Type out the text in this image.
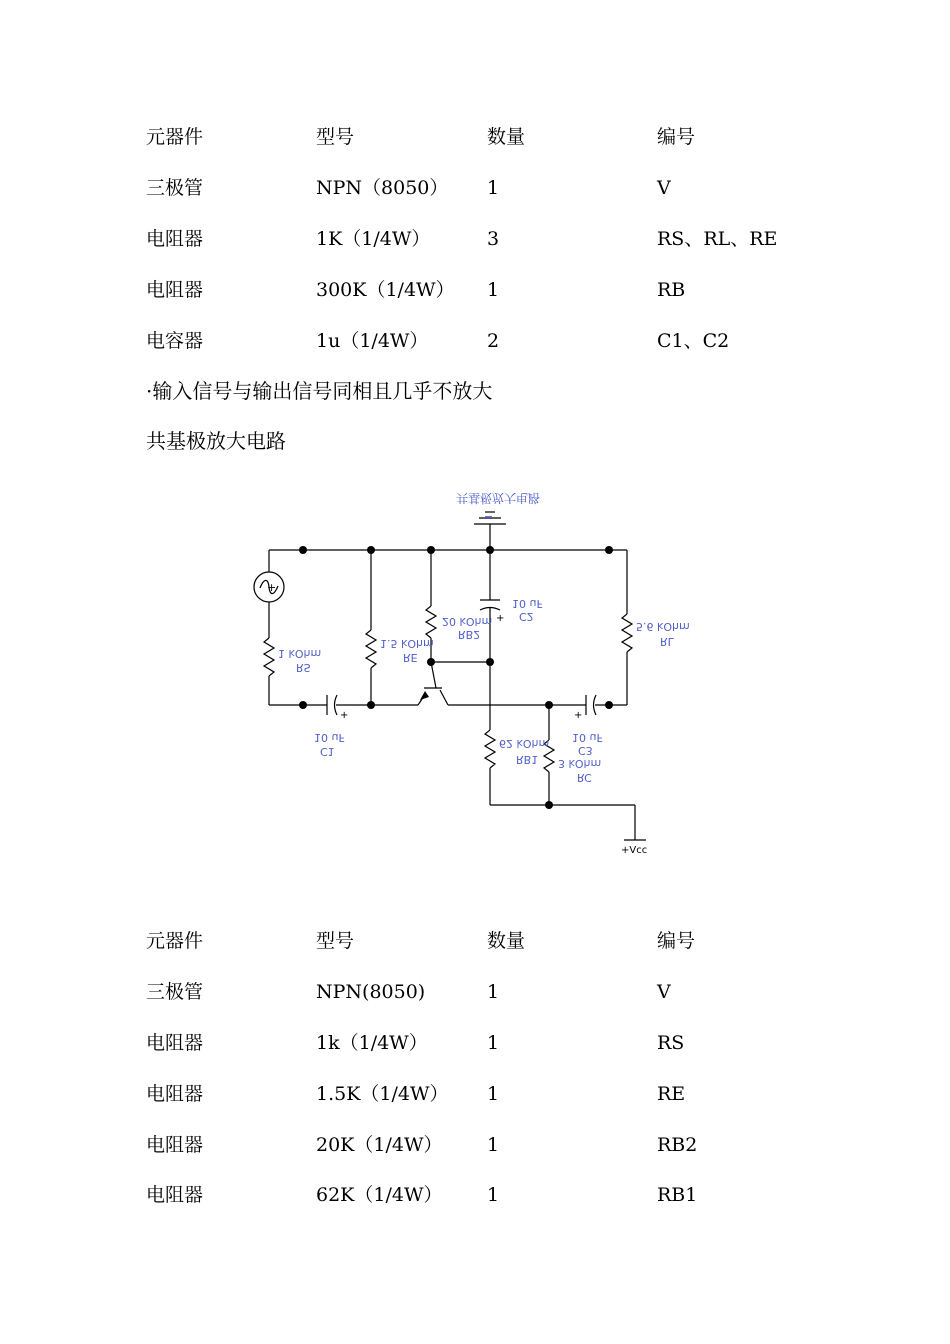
元器件	型号	数量	编号
三极管	NPN（8050） 1	V
电阻器	1K（1/4W）	3	RS、RL、RE
电阻器	300K（1/4W） 1	RB
电容器	1u（1/4W）	2	C1、C2
·输入信号与输出信号同相且几乎不放大
共基极放大电路
+
+
+
+
共基极放大电路
=
10 uF
C2
20 kOhm
RB2
1.5 kOhm
RE
1 kOhm
RS
5.6 kOhm
RL
10 uF
C1
10 uF
C3
62 kOhm
RB1 3 kOhm
RC
+Vcc
元器件	型号	数量	编号
三极管	NPN(8050)	1	V
电阻器	1k（1/4W）	1	RS
电阻器	1.5K（1/4W） 1	RE
电阻器	20K（1/4W） 1	RB2
电阻器	62K（1/4W） 1	RB1
